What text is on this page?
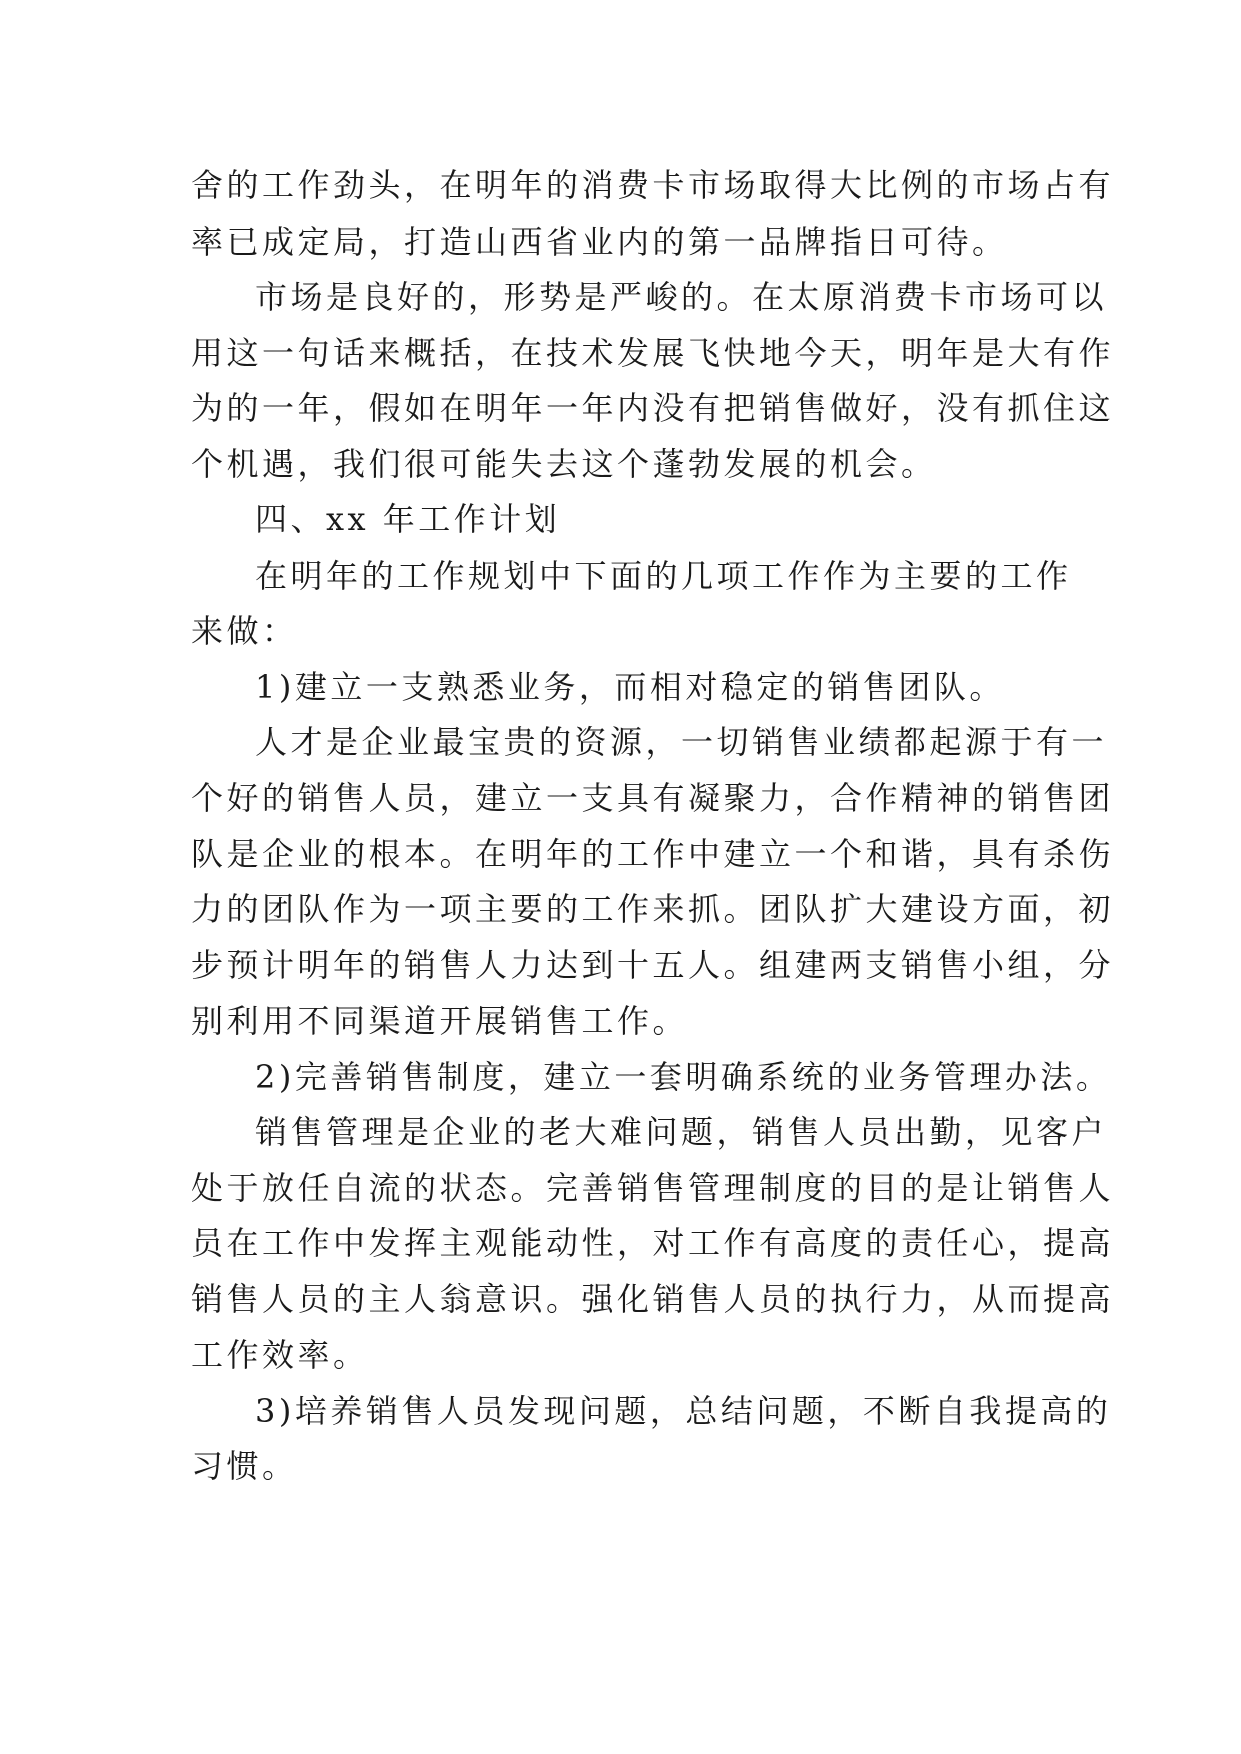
舍的工作劲头，在明年的消费卡市场取得大比例的市场占有
率已成定局，打造山西省业内的第一品牌指日可待。
市场是良好的，形势是严峻的。在太原消费卡市场可以
用这一句话来概括，在技术发展飞快地今天，明年是大有作
为的一年，假如在明年一年内没有把销售做好，没有抓住这
个机遇，我们很可能失去这个蓬勃发展的机会。
四、xx 年工作计划
在明年的工作规划中下面的几项工作作为主要的工作
来做：
1)建立一支熟悉业务，而相对稳定的销售团队。
人才是企业最宝贵的资源，一切销售业绩都起源于有一
个好的销售人员，建立一支具有凝聚力，合作精神的销售团
队是企业的根本。在明年的工作中建立一个和谐，具有杀伤
力的团队作为一项主要的工作来抓。团队扩大建设方面，初
步预计明年的销售人力达到十五人。组建两支销售小组，分
别利用不同渠道开展销售工作。
2)完善销售制度，建立一套明确系统的业务管理办法。
销售管理是企业的老大难问题，销售人员出勤，见客户
处于放任自流的状态。完善销售管理制度的目的是让销售人
员在工作中发挥主观能动性，对工作有高度的责任心，提高
销售人员的主人翁意识。强化销售人员的执行力，从而提高
工作效率。
3)培养销售人员发现问题，总结问题，不断自我提高的
习惯。
